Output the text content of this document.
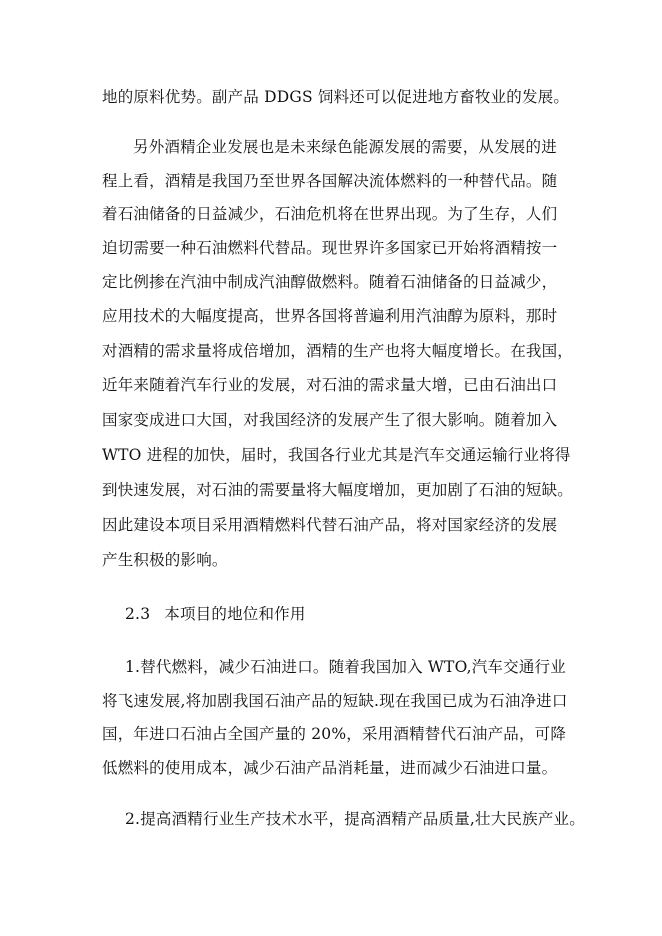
地的原料优势。副产品 DDGS 饲料还可以促进地方畜牧业的发展。
另外酒精企业发展也是未来绿色能源发展的需要，从发展的进
程上看，酒精是我国乃至世界各国解决流体燃料的一种替代品。随
着石油储备的日益减少，石油危机将在世界出现。为了生存，人们
迫切需要一种石油燃料代替品。现世界许多国家已开始将酒精按一
定比例掺在汽油中制成汽油醇做燃料。随着石油储备的日益减少，
应用技术的大幅度提高，世界各国将普遍利用汽油醇为原料，那时
对酒精的需求量将成倍增加，酒精的生产也将大幅度增长。在我国，
近年来随着汽车行业的发展，对石油的需求量大增，已由石油出口
国家变成进口大国，对我国经济的发展产生了很大影响。随着加入
WTO 进程的加快，届时，我国各行业尤其是汽车交通运输行业将得
到快速发展，对石油的需要量将大幅度增加，更加剧了石油的短缺。
因此建设本项目采用酒精燃料代替石油产品，将对国家经济的发展
产生积极的影响。
2.3 本项目的地位和作用
1.替代燃料，减少石油进口。随着我国加入 WTO,汽车交通行业
将飞速发展,将加剧我国石油产品的短缺.现在我国已成为石油净进口
国，年进口石油占全国产量的 20%，采用酒精替代石油产品，可降
低燃料的使用成本，减少石油产品消耗量，进而减少石油进口量。
2.提高酒精行业生产技术水平，提高酒精产品质量,壮大民族产业。
